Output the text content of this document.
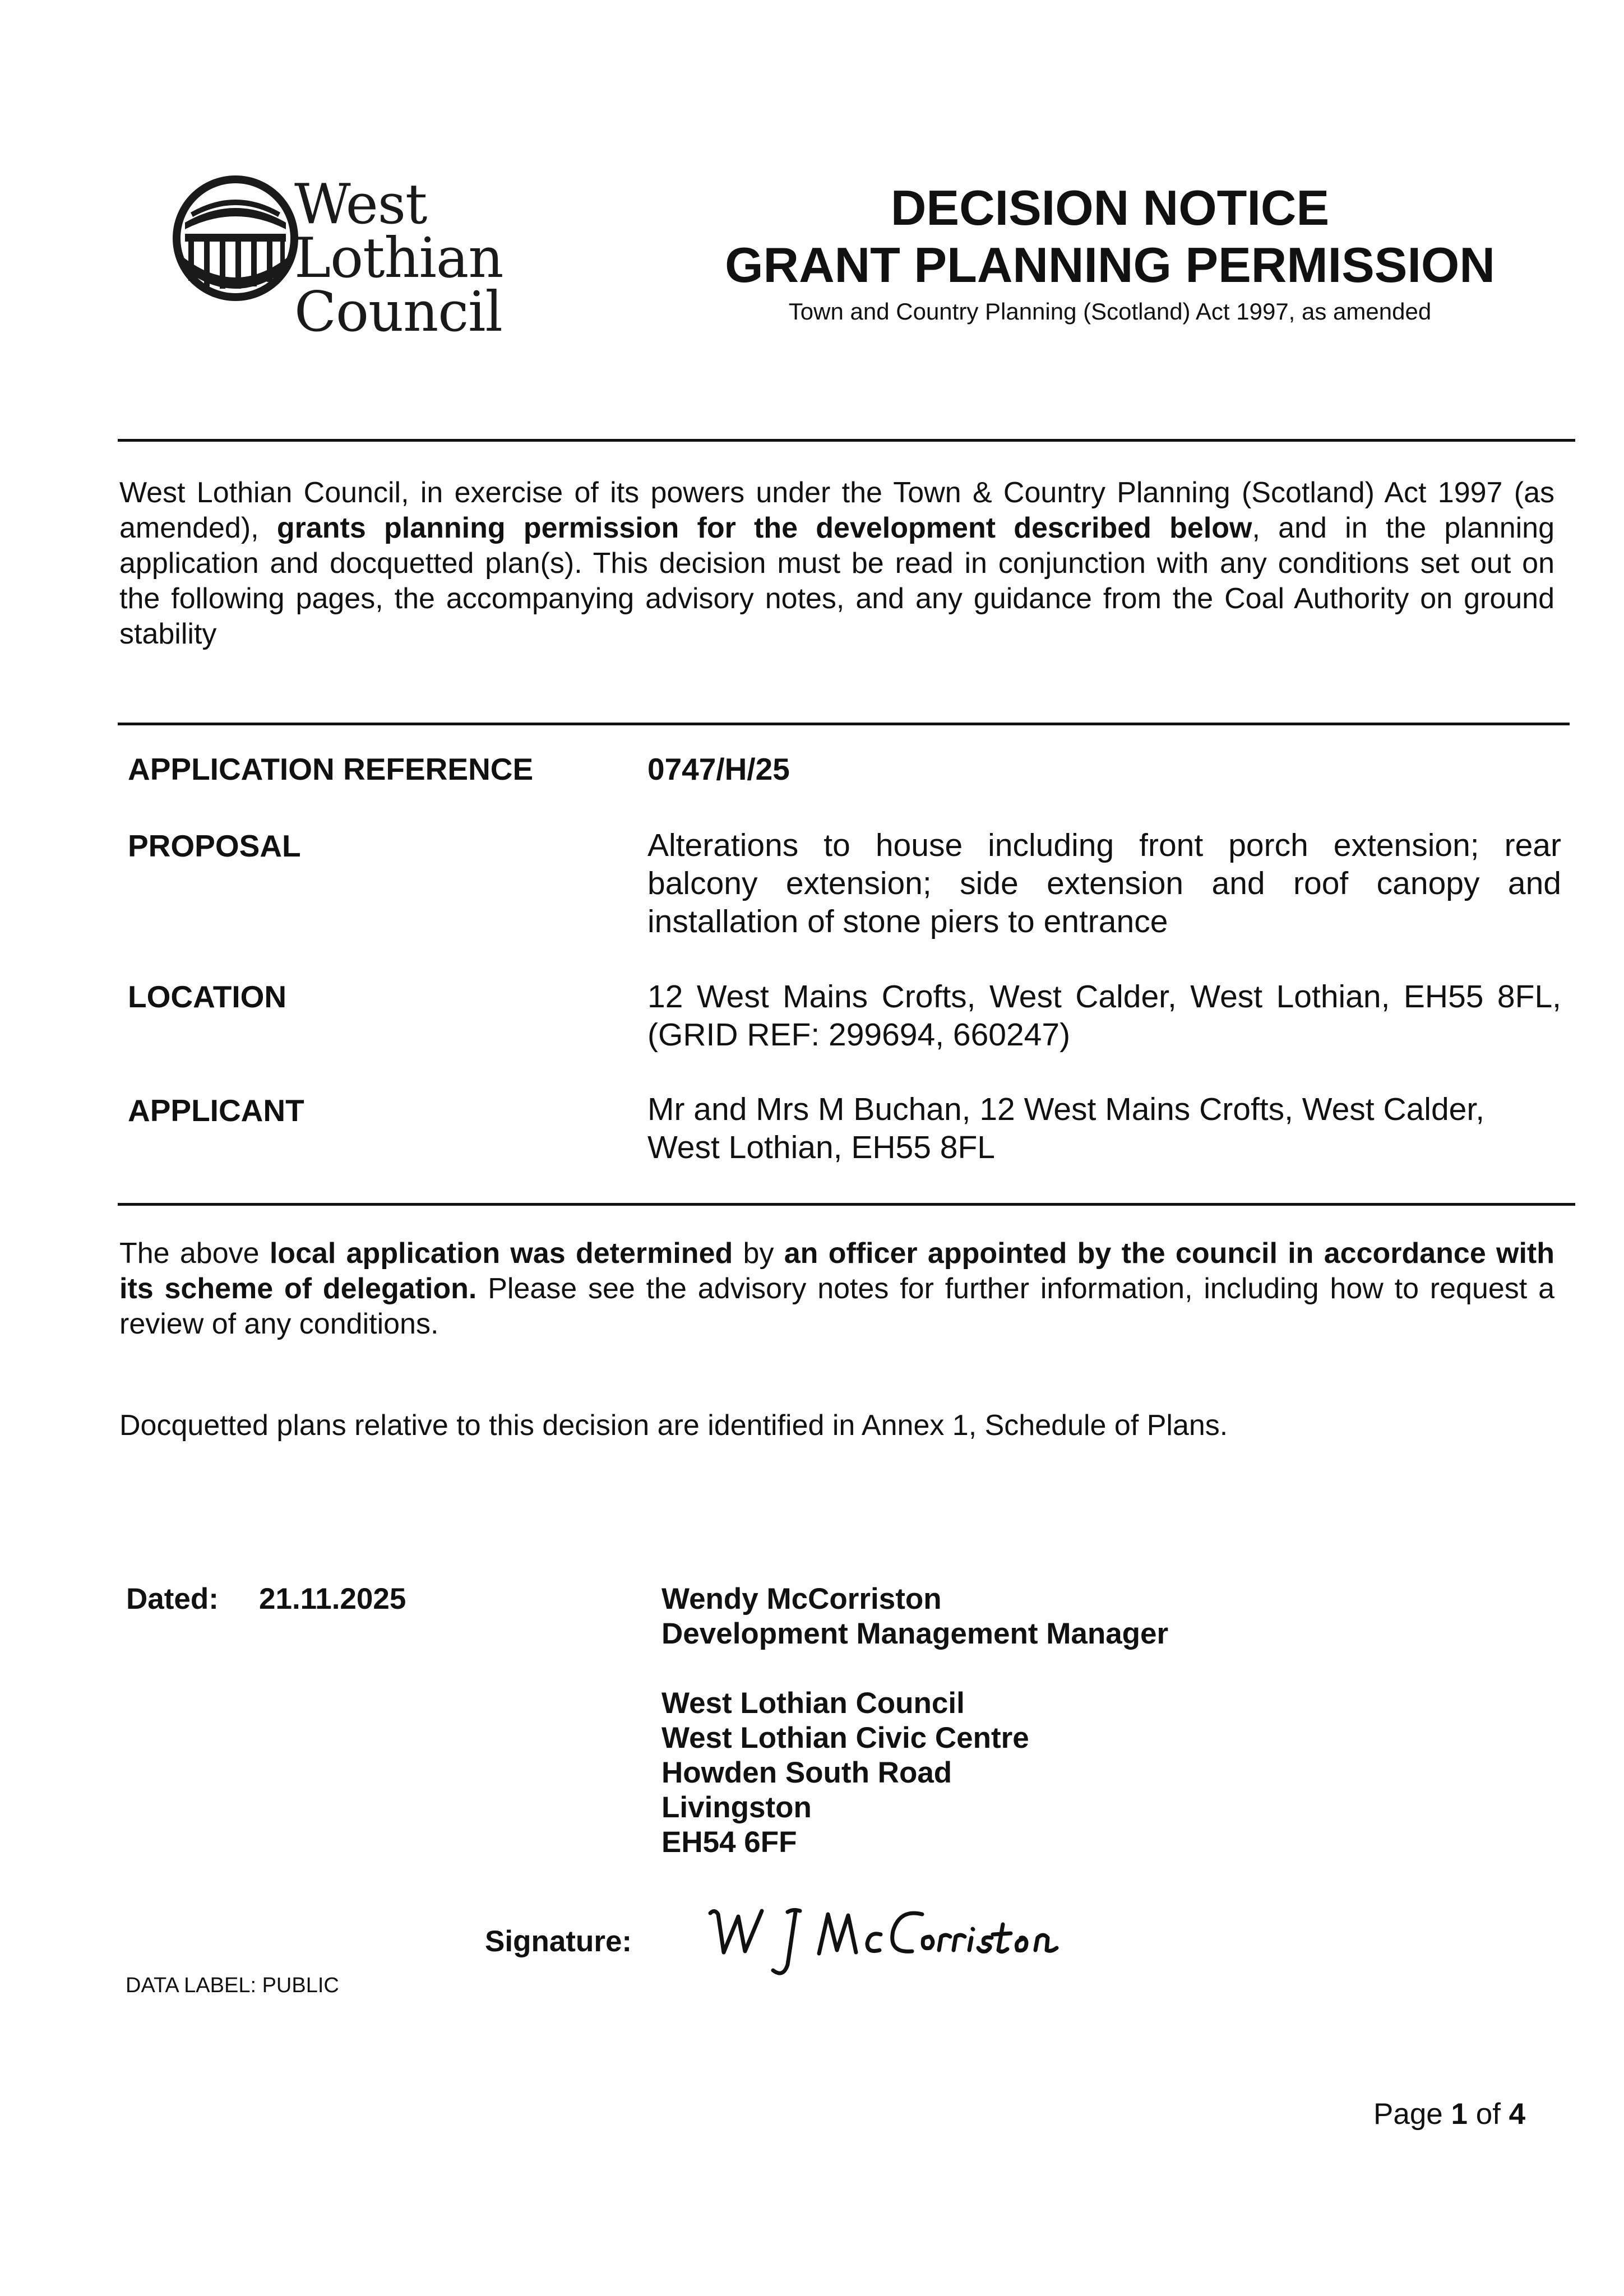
West Lothian
Council
DECISION NOTICE
GRANT PLANNING PERMISSION
Town and Country Planning (Scotland) Act 1997, as amended
West Lothian Council, in exercise of its powers under the Town & Country Planning (Scotland) Act 1997 (as amended), grants planning permission for the development described below, and in the planning application and docquetted plan(s). This decision must be read in conjunction with any conditions set out on the following pages, the accompanying advisory notes, and any guidance from the Coal Authority on ground stability
APPLICATION REFERENCE	0747/H/25
PROPOSAL	Alterations to house including front porch extension; rear balcony extension; side extension and roof canopy and installation of stone piers to entrance
LOCATION	12 West Mains Crofts, West Calder, West Lothian, EH55 8FL, (GRID REF: 299694, 660247)
APPLICANT	Mr and Mrs M Buchan, 12 West Mains Crofts, West Calder,
West Lothian, EH55 8FL
The above local application was determined by an officer appointed by the council in accordance with its scheme of delegation. Please see the advisory notes for further information, including how to request a review of any conditions.
Docquetted plans relative to this decision are identified in Annex 1, Schedule of Plans.
Dated: 21.11.2025	Wendy McCorriston
Development Management Manager
West Lothian Council
West Lothian Civic Centre
Howden South Road
Livingston
EH54 6FF
Signature:
DATA LABEL: PUBLIC
Page 1 of 4
